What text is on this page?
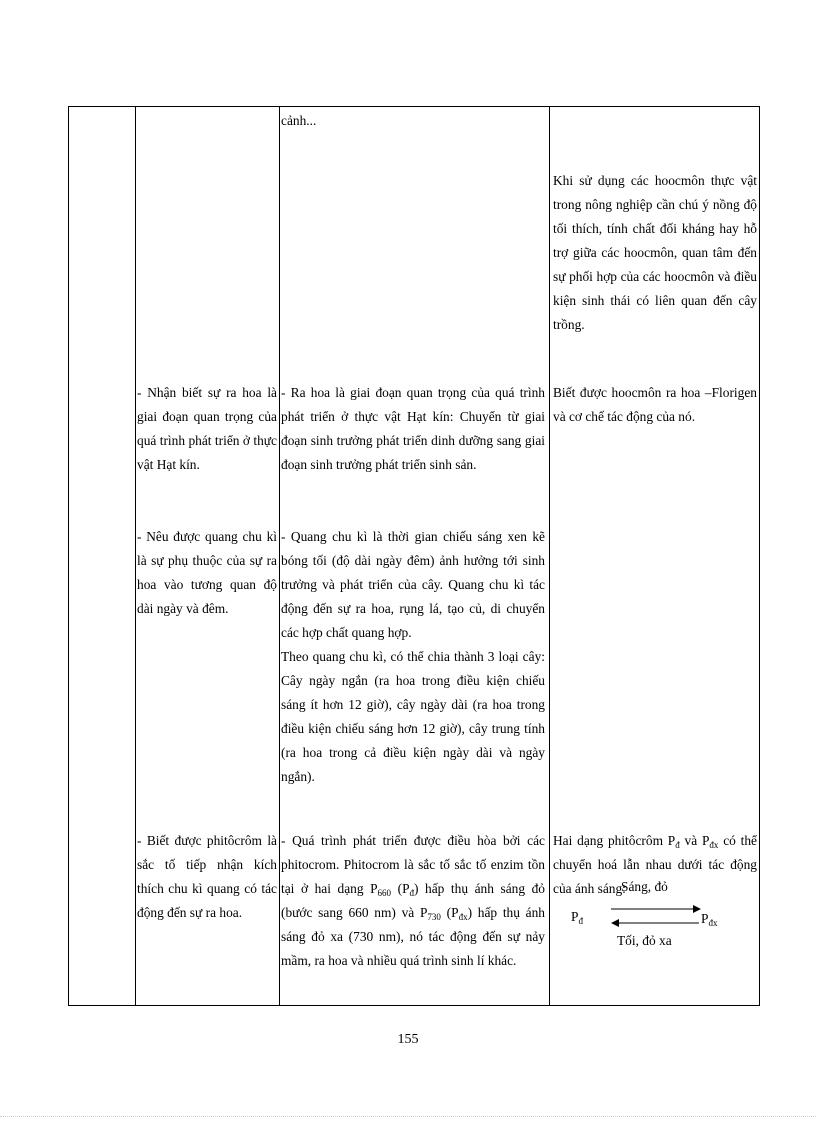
cảnh...

Khi sử dụng các hoocmôn thực vật trong nông nghiệp cần chú ý nồng độ tối thích, tính chất đối kháng hay hỗ trợ giữa các hoocmôn, quan tâm đến sự phối hợp của các hoocmôn và điều kiện sinh thái có liên quan đến cây trồng.

- Nhận biết sự ra hoa là giai đoạn quan trọng của quá trình phát triển ở thực vật Hạt kín.

- Ra hoa là giai đoạn quan trọng của quá trình phát triển ở thực vật Hạt kín: Chuyển từ giai đoạn sinh trưởng phát triển dinh dưỡng sang giai đoạn sinh trưởng phát triển sinh sản.

Biết được hoocmôn ra hoa –Florigen và cơ chế tác động của nó.

- Nêu được quang chu kì là sự phụ thuộc của sự ra hoa vào tương quan độ dài ngày và đêm.

- Quang chu kì là thời gian chiếu sáng xen kẽ bóng tối (độ dài ngày đêm) ảnh hưởng tới sinh trưởng và phát triển của cây. Quang chu kì tác động đến sự ra hoa, rụng lá, tạo củ, di chuyển các hợp chất quang hợp.

Theo quang chu kì, có thể chia thành 3 loại cây: Cây ngày ngắn (ra hoa trong điều kiện chiếu sáng ít hơn 12 giờ), cây ngày dài (ra hoa trong điều kiện chiếu sáng hơn 12 giờ), cây trung tính (ra hoa trong cả điều kiện ngày dài và ngày ngắn).

- Biết được phitôcrôm là sắc tố tiếp nhận kích thích chu kì quang có tác động đến sự ra hoa.

- Quá trình phát triển được điều hòa bởi các phitocrom. Phitocrom là sắc tố sắc tố enzim tồn tại ở hai dạng $P_{660}$ $(P_đ)$ hấp thụ ánh sáng đỏ (bước sang 660 nm) và $P_{730}$ $(P_{đx})$ hấp thụ ánh sáng đỏ xa (730 nm), nó tác động đến sự nảy mầm, ra hoa và nhiều quá trình sinh lí khác.

Hai dạng phitôcrôm $P_đ$ và $P_{đx}$ có thể chuyển hoá lẫn nhau dưới tác động của ánh sáng:

Sáng, đỏ
$P_đ$	$P_{đx}$
Tối, đỏ xa
155
